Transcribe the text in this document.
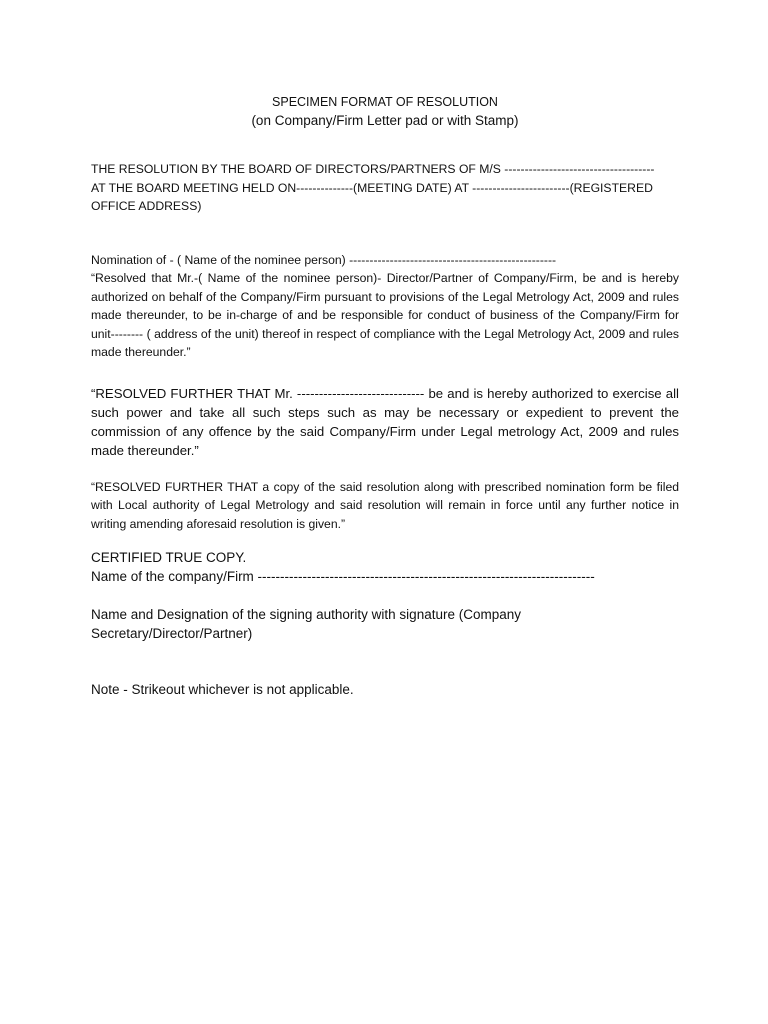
SPECIMEN FORMAT OF RESOLUTION
(on Company/Firm Letter pad or with Stamp)
THE RESOLUTION BY THE BOARD OF DIRECTORS/PARTNERS OF M/S -------------------------------------
AT THE BOARD MEETING HELD ON--------------(MEETING DATE) AT ------------------------(REGISTERED
OFFICE ADDRESS)
Nomination of - ( Name of the nominee person) ---------------------------------------------------

“Resolved that Mr.-( Name of the nominee person)- Director/Partner of Company/Firm, be and is hereby authorized on behalf of the Company/Firm pursuant to provisions of the Legal Metrology Act, 2009 and rules made thereunder, to be in-charge of and be responsible for conduct of business of the Company/Firm for unit-------- ( address of the unit) thereof in respect of compliance with the Legal Metrology Act, 2009 and rules made thereunder.”

“RESOLVED FURTHER THAT Mr. ----------------------------- be and is hereby authorized to exercise all such power and take all such steps such as may be necessary or expedient to prevent the commission of any offence by the said Company/Firm under Legal metrology Act, 2009 and rules made thereunder.”

“RESOLVED FURTHER THAT a copy of the said resolution along with prescribed nomination form be filed with Local authority of Legal Metrology and said resolution will remain in force until any further notice in writing amending aforesaid resolution is given.”

CERTIFIED TRUE COPY.
Name of the company/Firm ---------------------------------------------------------------------------
Name and Designation of the signing authority with signature (Company Secretary/Director/Partner)
Note - Strikeout whichever is not applicable.
